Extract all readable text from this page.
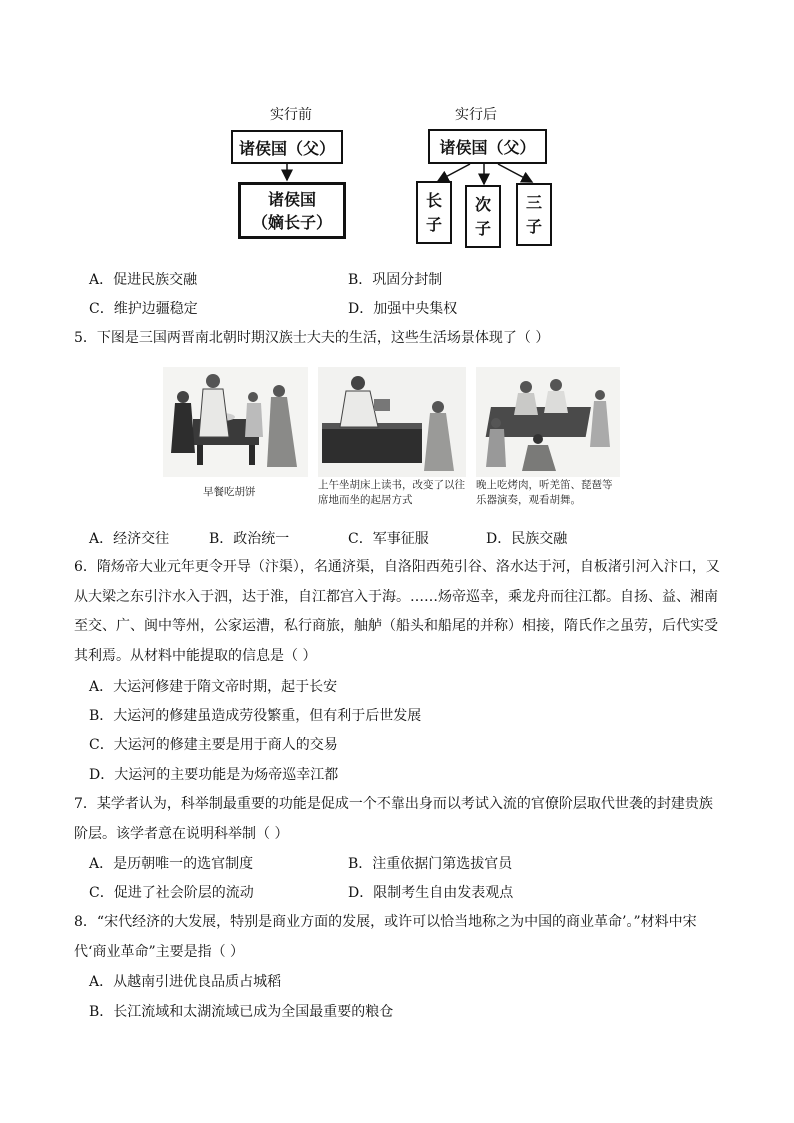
实行前	实行后
诸侯国（父）
诸侯国
（嫡长子）
诸侯国（父）
长
子
次
子
三
子
A．促进民族交融	B．巩固分封制
C．维护边疆稳定	D．加强中央集权
5．下图是三国两晋南北朝时期汉族士大夫的生活，这些生活场景体现了（ ）
早餐吃胡饼
上午坐胡床上读书，改变了以往席地而坐的起居方式
晚上吃烤肉，听羌笛、琵琶等乐器演奏，观看胡舞。
A．经济交往	B．政治统一	C．军事征服	D．民族交融
6．隋炀帝大业元年更令开导（汴渠），名通济渠，自洛阳西苑引谷、洛水达于河，自板渚引河入汴口，又从大梁之东引汴水入于泗，达于淮，自江都宫入于海。……炀帝巡幸，乘龙舟而往江都。自扬、益、湘南至交、广、闽中等州，公家运漕，私行商旅，舳舻（船头和船尾的并称）相接，隋氏作之虽劳，后代实受其利焉。从材料中能提取的信息是（ ）
A．大运河修建于隋文帝时期，起于长安
B．大运河的修建虽造成劳役繁重，但有利于后世发展
C．大运河的修建主要是用于商人的交易
D．大运河的主要功能是为炀帝巡幸江都
7．某学者认为，科举制最重要的功能是促成一个不靠出身而以考试入流的官僚阶层取代世袭的封建贵族阶层。该学者意在说明科举制（ ）
A．是历朝唯一的选官制度	B．注重依据门第选拔官员
C．促进了社会阶层的流动	D．限制考生自由发表观点
8．“宋代经济的大发展，特别是商业方面的发展，或许可以恰当地称之为中国的商业革命’。”材料中宋代‘商业革命”主要是指（ ）
A．从越南引进优良品质占城稻
B．长江流域和太湖流域已成为全国最重要的粮仓
